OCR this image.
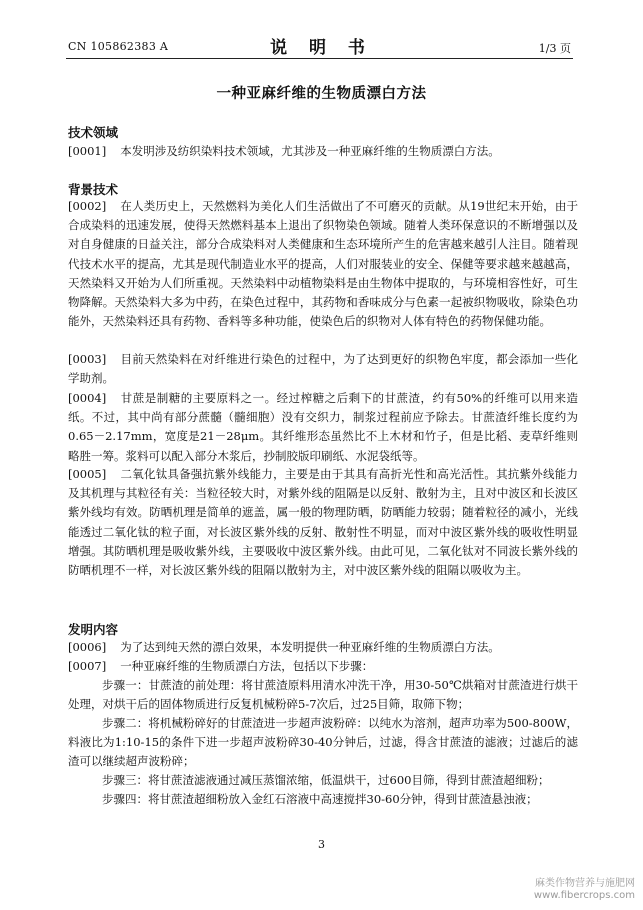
CN 105862383 A	说 明 书	1/3 页
一种亚麻纤维的生物质漂白方法
技术领域
[0001] 本发明涉及纺织染料技术领域，尤其涉及一种亚麻纤维的生物质漂白方法。
背景技术
[0002] 在人类历史上，天然燃料为美化人们生活做出了不可磨灭的贡献。从19世纪末开始，由于合成染料的迅速发展，使得天然燃料基本上退出了织物染色领域。随着人类环保意识的不断增强以及对自身健康的日益关注，部分合成染料对人类健康和生态环境所产生的危害越来越引人注目。随着现代技术水平的提高，尤其是现代制造业水平的提高，人们对服装业的安全、保健等要求越来越越高，天然染料又开始为人们所重视。天然染料中动植物染料是由生物体中提取的，与环境相容性好，可生物降解。天然染料大多为中药，在染色过程中，其药物和香味成分与色素一起被织物吸收，除染色功能外，天然染料还具有药物、香料等多种功能，使染色后的织物对人体有特色的药物保健功能。
[0003] 目前天然染料在对纤维进行染色的过程中，为了达到更好的织物色牢度，都会添加一些化学助剂。
[0004] 甘蔗是制糖的主要原料之一。经过榨糖之后剩下的甘蔗渣，约有50%的纤维可以用来造纸。不过，其中尚有部分蔗髓（髓细胞）没有交织力，制浆过程前应予除去。甘蔗渣纤维长度约为0.65－2.17mm，宽度是21－28μm。其纤维形态虽然比不上木材和竹子，但是比稻、麦草纤维则略胜一筹。浆料可以配入部分木浆后，抄制胶版印刷纸、水泥袋纸等。
[0005] 二氧化钛具备强抗紫外线能力，主要是由于其具有高折光性和高光活性。其抗紫外线能力及其机理与其粒径有关：当粒径较大时，对紫外线的阻隔是以反射、散射为主，且对中波区和长波区紫外线均有效。防晒机理是简单的遮盖，属一般的物理防晒，防晒能力较弱；随着粒径的减小，光线能透过二氧化钛的粒子面，对长波区紫外线的反射、散射性不明显，而对中波区紫外线的吸收性明显增强。其防晒机理是吸收紫外线，主要吸收中波区紫外线。由此可见，二氧化钛对不同波长紫外线的防晒机理不一样，对长波区紫外线的阻隔以散射为主，对中波区紫外线的阻隔以吸收为主。
发明内容
[0006] 为了达到纯天然的漂白效果，本发明提供一种亚麻纤维的生物质漂白方法。
[0007] 一种亚麻纤维的生物质漂白方法，包括以下步骤：
步骤一：甘蔗渣的前处理：将甘蔗渣原料用清水冲洗干净，用30-50℃烘箱对甘蔗渣进行烘干处理，对烘干后的固体物质进行反复机械粉碎5-7次后，过25目筛，取筛下物；
步骤二：将机械粉碎好的甘蔗渣进一步超声波粉碎：以纯水为溶剂，超声功率为500-800W，料液比为1:10-15的条件下进一步超声波粉碎30-40分钟后，过滤，得含甘蔗渣的滤液；过滤后的滤渣可以继续超声波粉碎；
步骤三：将甘蔗渣滤液通过减压蒸馏浓缩，低温烘干，过600目筛，得到甘蔗渣超细粉；
步骤四：将甘蔗渣超细粉放入金红石溶液中高速搅拌30-60分钟，得到甘蔗渣悬浊液；
3
麻类作物营养与施肥网
www.fibercrops.com
